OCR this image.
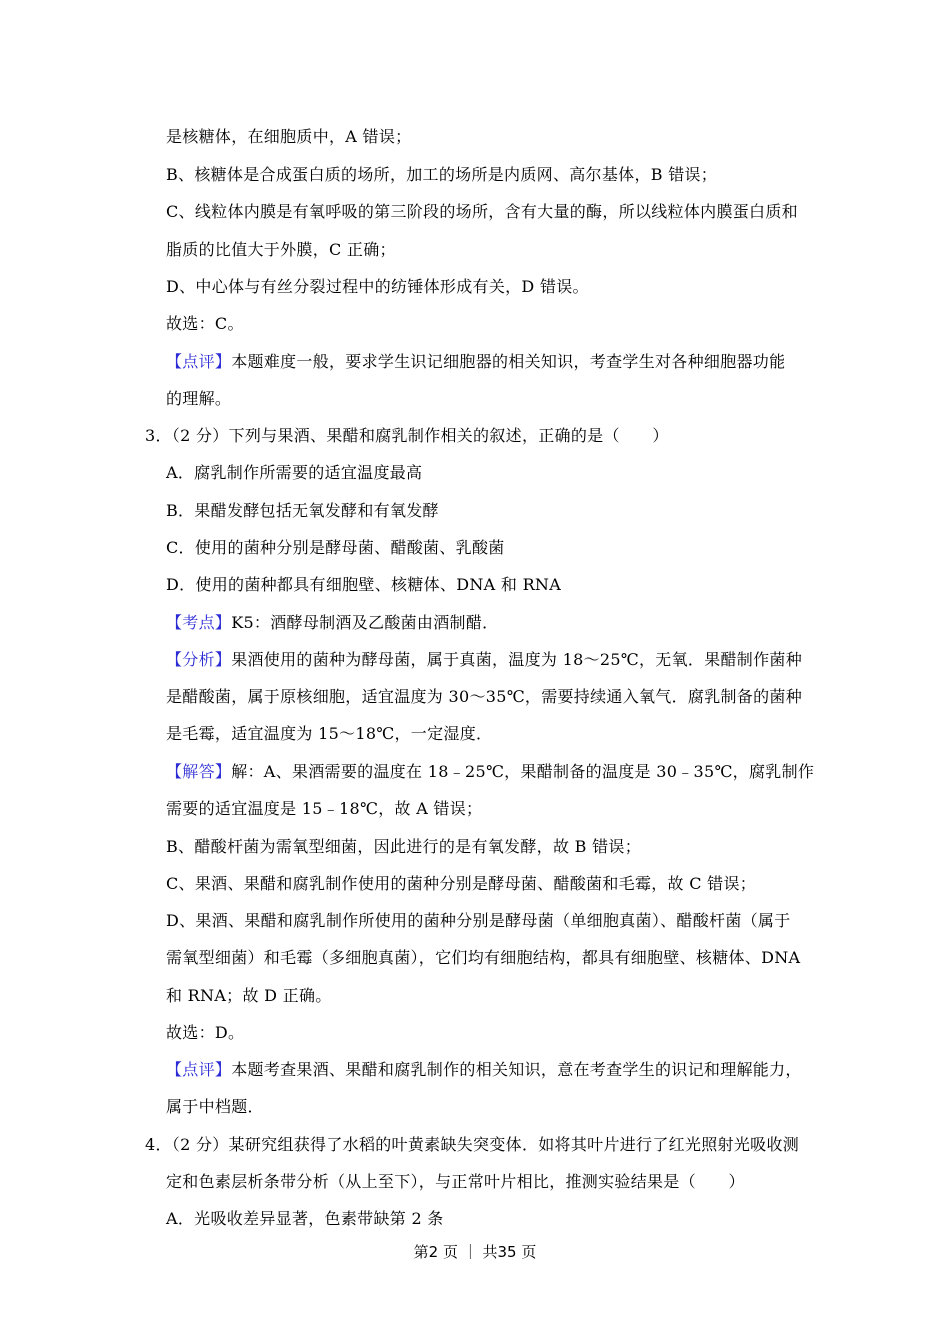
是核糖体，在细胞质中，A 错误；
B、核糖体是合成蛋白质的场所，加工的场所是内质网、高尔基体，B 错误；
C、线粒体内膜是有氧呼吸的第三阶段的场所，含有大量的酶，所以线粒体内膜蛋白质和
脂质的比值大于外膜，C 正确；
D、中心体与有丝分裂过程中的纺锤体形成有关，D 错误。
故选：C。
【点评】本题难度一般，要求学生识记细胞器的相关知识，考查学生对各种细胞器功能
的理解。
3．（2 分）下列与果酒、果醋和腐乳制作相关的叙述，正确的是（　　）
A．腐乳制作所需要的适宜温度最高
B．果醋发酵包括无氧发酵和有氧发酵
C．使用的菌种分别是酵母菌、醋酸菌、乳酸菌
D．使用的菌种都具有细胞壁、核糖体、DNA 和 RNA
【考点】K5：酒酵母制酒及乙酸菌由酒制醋．
【分析】果酒使用的菌种为酵母菌，属于真菌，温度为 18～25℃，无氧．果醋制作菌种
是醋酸菌，属于原核细胞，适宜温度为 30～35℃，需要持续通入氧气．腐乳制备的菌种
是毛霉，适宜温度为 15～18℃，一定湿度．
【解答】解：A、果酒需要的温度在 18﹣25℃，果醋制备的温度是 30﹣35℃，腐乳制作
需要的适宜温度是 15﹣18℃，故 A 错误；
B、醋酸杆菌为需氧型细菌，因此进行的是有氧发酵，故 B 错误；
C、果酒、果醋和腐乳制作使用的菌种分别是酵母菌、醋酸菌和毛霉，故 C 错误；
D、果酒、果醋和腐乳制作所使用的菌种分别是酵母菌（单细胞真菌）、醋酸杆菌（属于
需氧型细菌）和毛霉（多细胞真菌），它们均有细胞结构，都具有细胞壁、核糖体、DNA
和 RNA；故 D 正确。
故选：D。
【点评】本题考查果酒、果醋和腐乳制作的相关知识，意在考查学生的识记和理解能力，
属于中档题．
4．（2 分）某研究组获得了水稻的叶黄素缺失突变体．如将其叶片进行了红光照射光吸收测
定和色素层析条带分析（从上至下），与正常叶片相比，推测实验结果是（　　）
A．光吸收差异显著，色素带缺第 2 条
第2 页 ｜ 共35 页
